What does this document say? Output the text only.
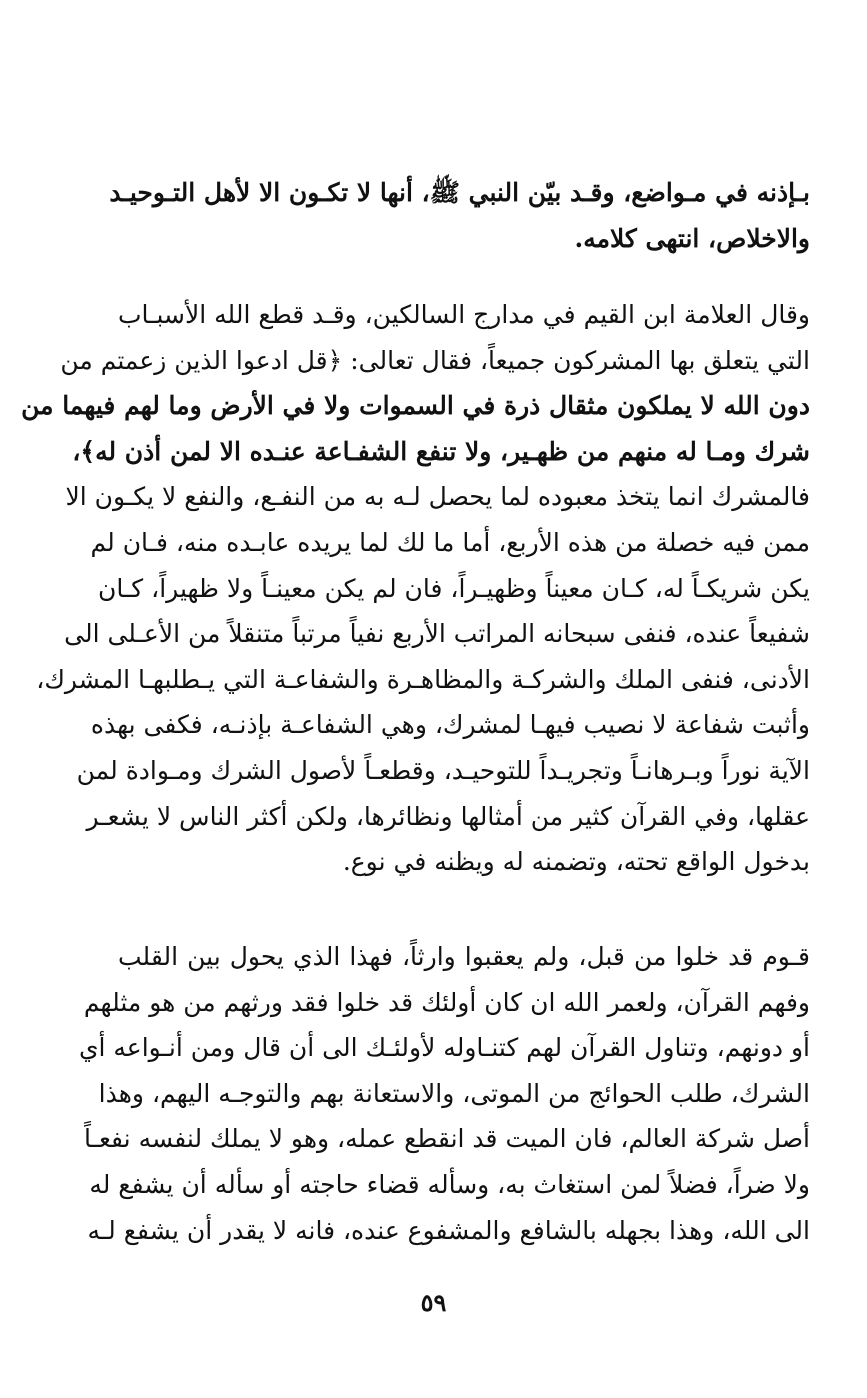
بـإذنه في مـواضع، وقـد بيّن النبي ﷺ، أنها لا تكـون الا لأهل التـوحيـد
والاخلاص، انتهى كلامه.
وقال العلامة ابن القيم في مدارج السالكين، وقـد قطع الله الأسبـاب
التي يتعلق بها المشركون جميعاً، فقال تعالى: ﴿قل ادعوا الذين زعمتم من
دون الله لا يملكون مثقال ذرة في السموات ولا في الأرض وما لهم فيهما من
شرك ومـا له منهم من ظهـير، ولا تنفع الشفـاعة عنـده الا لمن أذن له﴾،
فالمشرك انما يتخذ معبوده لما يحصل لـه به من النفـع، والنفع لا يكـون الا
ممن فيه خصلة من هذه الأربع، أما ما لك لما يريده عابـده منه، فـان لم
يكن شريكـاً له، كـان معيناً وظهيـراً، فان لم يكن معينـاً ولا ظهيراً، كـان
شفيعاً عنده، فنفى سبحانه المراتب الأربع نفياً مرتباً متنقلاً من الأعـلى الى
الأدنى، فنفى الملك والشركـة والمظاهـرة والشفاعـة التي يـطلبهـا المشرك،
وأثبت شفاعة لا نصيب فيهـا لمشرك، وهي الشفاعـة بإذنـه، فكفى بهذه
الآية نوراً وبـرهانـاً وتجريـداً للتوحيـد، وقطعـاً لأصول الشرك ومـوادة لمن
عقلها، وفي القرآن كثير من أمثالها ونظائرها، ولكن أكثر الناس لا يشعـر
بدخول الواقع تحته، وتضمنه له ويظنه في نوع.
قـوم قد خلوا من قبل، ولم يعقبوا وارثاً، فهذا الذي يحول بين القلب
وفهم القرآن، ولعمر الله ان كان أولئك قد خلوا فقد ورثهم من هو مثلهم
أو دونهم، وتناول القرآن لهم كتنـاوله لأولئـك الى أن قال ومن أنـواعه أي
الشرك، طلب الحوائج من الموتى، والاستعانة بهم والتوجـه اليهم، وهذا
أصل شركة العالم، فان الميت قد انقطع عمله، وهو لا يملك لنفسه نفعـاً
ولا ضراً، فضلاً لمن استغاث به، وسأله قضاء حاجته أو سأله أن يشفع له
الى الله، وهذا بجهله بالشافع والمشفوع عنده، فانه لا يقدر أن يشفع لـه
٥٩
